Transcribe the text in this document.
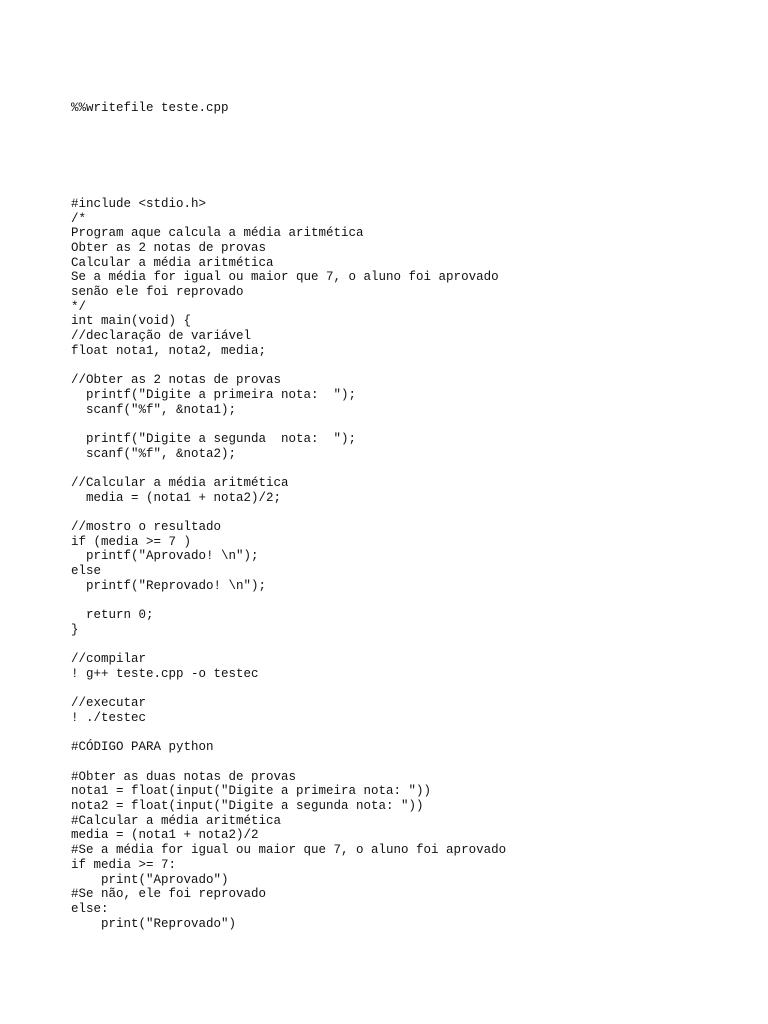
%%writefile teste.cpp

#include <stdio.h>
/*
Program aque calcula a média aritmética
Obter as 2 notas de provas
Calcular a média aritmética
Se a média for igual ou maior que 7, o aluno foi aprovado
senão ele foi reprovado
*/
int main(void) {
//declaração de variável
float nota1, nota2, media;

//Obter as 2 notas de provas
printf("Digite a primeira nota:  ");
scanf("%f", &nota1);

printf("Digite a segunda  nota:  ");
scanf("%f", &nota2);

//Calcular a média aritmética
media = (nota1 + nota2)/2;

//mostro o resultado
if (media >= 7 )
printf("Aprovado! \n");
else
printf("Reprovado! \n");

return 0;
}

//compilar
! g++ teste.cpp -o testec

//executar
! ./testec

#CÓDIGO PARA python

#Obter as duas notas de provas
nota1 = float(input("Digite a primeira nota: "))
nota2 = float(input("Digite a segunda nota: "))
#Calcular a média aritmética
media = (nota1 + nota2)/2
#Se a média for igual ou maior que 7, o aluno foi aprovado
if media >= 7:
print("Aprovado")
#Se não, ele foi reprovado
else:
print("Reprovado")
